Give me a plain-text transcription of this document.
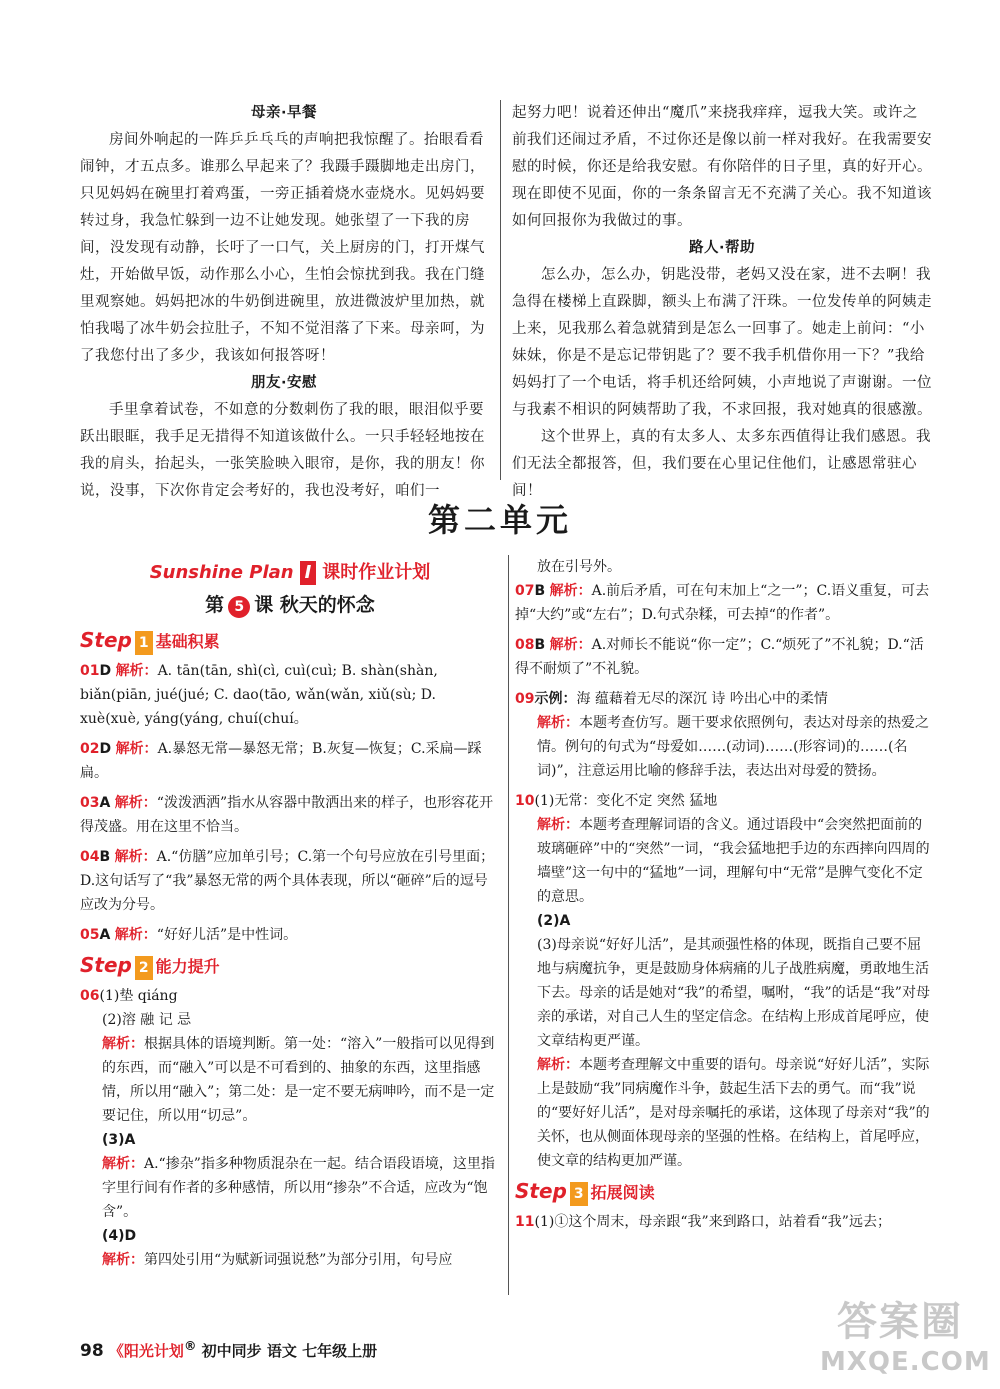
母亲·早餐

房间外响起的一阵乒乒乓乓的声响把我惊醒了。抬眼看看闹钟，才五点多。谁那么早起来了？我蹑手蹑脚地走出房门，只见妈妈在碗里打着鸡蛋，一旁正插着烧水壶烧水。见妈妈要转过身，我急忙躲到一边不让她发现。她张望了一下我的房间，没发现有动静，长吁了一口气，关上厨房的门，打开煤气灶，开始做早饭，动作那么小心，生怕会惊扰到我。我在门缝里观察她。妈妈把冰的牛奶倒进碗里，放进微波炉里加热，就怕我喝了冰牛奶会拉肚子，不知不觉泪落了下来。母亲呵，为了我您付出了多少，我该如何报答呀！

朋友·安慰

手里拿着试卷，不如意的分数刺伤了我的眼，眼泪似乎要跃出眼眶，我手足无措得不知道该做什么。一只手轻轻地按在我的肩头，抬起头，一张笑脸映入眼帘，是你，我的朋友！你说，没事，下次你肯定会考好的，我也没考好，咱们一

起努力吧！说着还伸出“魔爪”来挠我痒痒，逗我大笑。或许之前我们还闹过矛盾，不过你还是像以前一样对我好。在我需要安慰的时候，你还是给我安慰。有你陪伴的日子里，真的好开心。现在即使不见面，你的一条条留言无不充满了关心。我不知道该如何回报你为我做过的事。

路人·帮助

怎么办，怎么办，钥匙没带，老妈又没在家，进不去啊！我急得在楼梯上直跺脚，额头上布满了汗珠。一位发传单的阿姨走上来，见我那么着急就猜到是怎么一回事了。她走上前问：“小妹妹，你是不是忘记带钥匙了？要不我手机借你用一下？”我给妈妈打了一个电话，将手机还给阿姨，小声地说了声谢谢。一位与我素不相识的阿姨帮助了我，不求回报，我对她真的很感激。

这个世界上，真的有太多人、太多东西值得让我们感恩。我们无法全都报答，但，我们要在心里记住他们，让感恩常驻心间！

第二单元
Sunshine Plan I 课时作业计划
第 5 课 秋天的怀念
Step 1 基础积累
01D 解析：A. tān(tān, shì(cì, cuì(cuì; B. shàn(shàn, biǎn(piān, jué(jué; C. dao(tāo, wǎn(wǎn, xiǔ(sù; D. xuè(xuè, yáng(yáng, chuí(chuí。
02D 解析：A.暴怒无常—暴怒无常；B.灰复—恢复；C.采扁—踩扁。
03A 解析：“泼泼洒洒”指水从容器中散洒出来的样子，也形容花开得茂盛。用在这里不恰当。
04B 解析：A.“仿膳”应加单引号；C.第一个句号应放在引号里面；D.这句话写了“我”暴怒无常的两个具体表现，所以“砸碎”后的逗号应改为分号。
05A 解析：“好好儿活”是中性词。
Step 2 能力提升
06(1)垫 qiáng
(2)溶 融 记 忌
解析：根据具体的语境判断。第一处：“溶入”一般指可以见得到的东西，而“融入”可以是不可看到的、抽象的东西，这里指感情，所以用“融入”；第二处：是一定不要无病呻吟，而不是一定要记住，所以用“切忌”。
(3)A
解析：A.“掺杂”指多种物质混杂在一起。结合语段语境，这里指字里行间有作者的多种感情，所以用“掺杂”不合适，应改为“饱含”。
(4)D
解析：第四处引用“为赋新词强说愁”为部分引用，句号应
放在引号外。
07B 解析：A.前后矛盾，可在句末加上“之一”；C.语义重复，可去掉“大约”或“左右”；D.句式杂糅，可去掉“的作者”。
08B 解析：A.对师长不能说“你一定”；C.“烦死了”不礼貌；D.“活得不耐烦了”不礼貌。
09示例：海 蕴藉着无尽的深沉 诗 吟出心中的柔情
解析：本题考查仿写。题干要求依照例句，表达对母亲的热爱之情。例句的句式为“母爱如……(动词)……(形容词)的……(名词)”，注意运用比喻的修辞手法，表达出对母爱的赞扬。
10(1)无常：变化不定 突然 猛地
解析：本题考查理解词语的含义。通过语段中“会突然把面前的玻璃砸碎”中的“突然”一词，“我会猛地把手边的东西摔向四周的墙壁”这一句中的“猛地”一词，理解句中“无常”是脾气变化不定的意思。
(2)A
(3)母亲说“好好儿活”，是其顽强性格的体现，既指自己要不屈地与病魔抗争，更是鼓励身体病痛的儿子战胜病魔，勇敢地生活下去。母亲的话是她对“我”的希望，嘱咐，“我”的话是“我”对母亲的承诺，对自己人生的坚定信念。在结构上形成首尾呼应，使文章结构更严谨。
解析：本题考查理解文中重要的语句。母亲说“好好儿活”，实际上是鼓励“我”同病魔作斗争，鼓起生活下去的勇气。而“我”说的“要好好儿活”，是对母亲嘱托的承诺，这体现了母亲对“我”的关怀，也从侧面体现母亲的坚强的性格。在结构上，首尾呼应，使文章的结构更加严谨。
Step 3 拓展阅读
11(1)①这个周末，母亲跟“我”来到路口，站着看“我”远去；
98 《阳光计划® 初中同步 语文 七年级上册
答案圈
MXQE.COM
